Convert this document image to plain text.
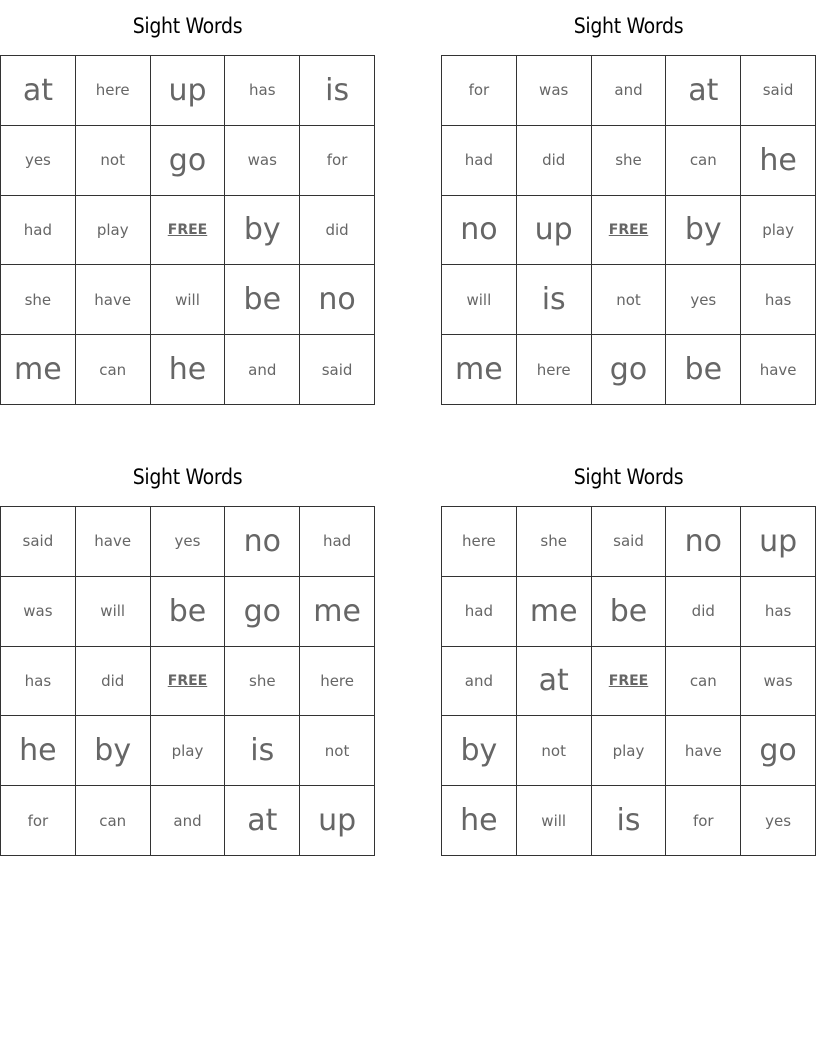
Sight Words
at	here	up	has	is
yes	not	go	was	for
had	play	FREE	by	did
she	have	will	be	no
me	can	he	and	said
Sight Words
for	was	and	at	said
had	did	she	can	he
no	up	FREE	by	play
will	is	not	yes	has
me	here	go	be	have
Sight Words
said	have	yes	no	had
was	will	be	go	me
has	did	FREE	she	here
he	by	play	is	not
for	can	and	at	up
Sight Words
here	she	said	no	up
had	me	be	did	has
and	at	FREE	can	was
by	not	play	have	go
he	will	is	for	yes
